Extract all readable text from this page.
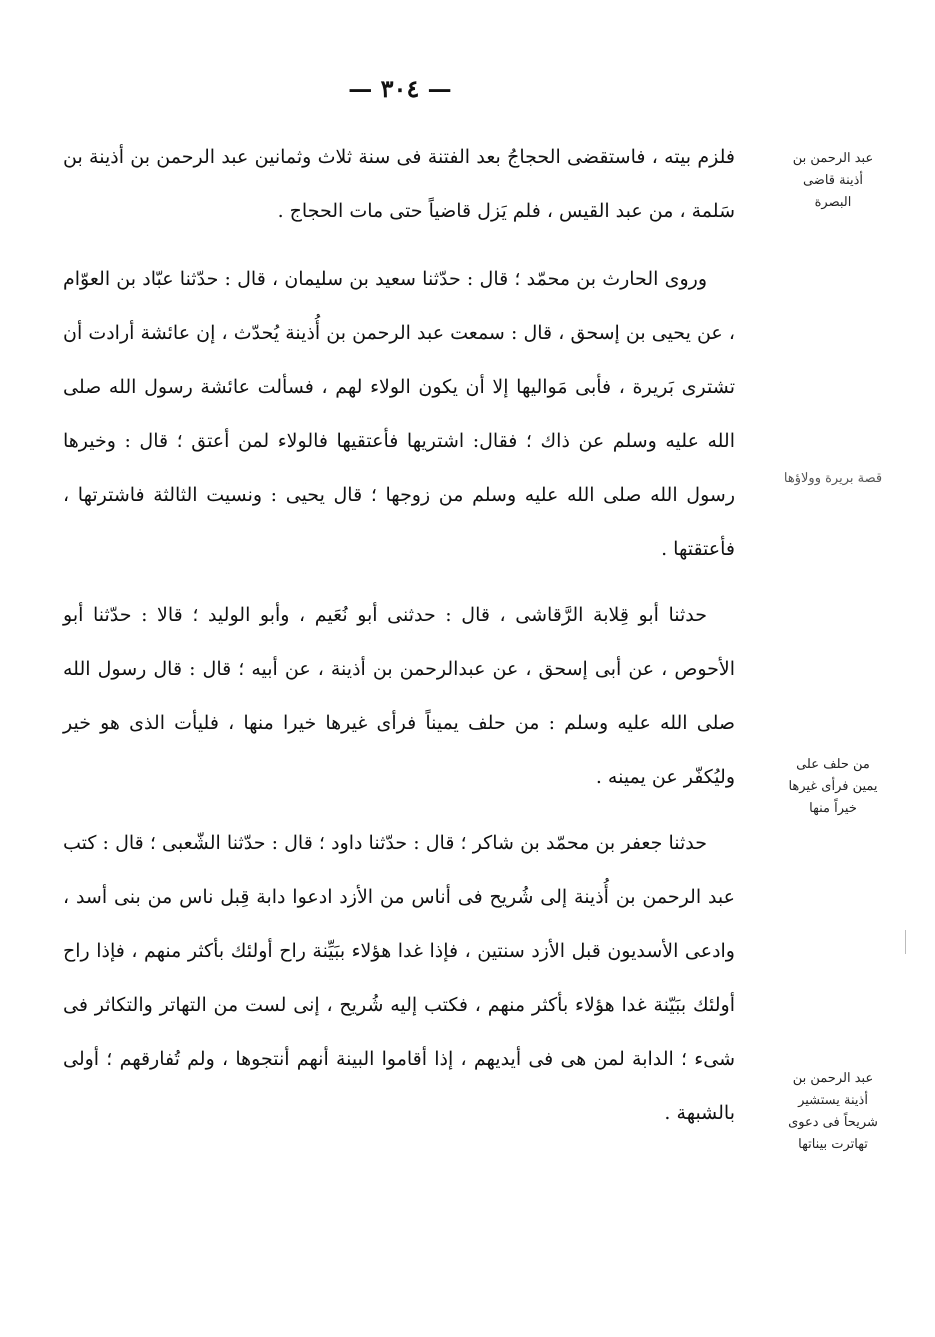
— ٣٠٤ —

فلزم بيته ، فاستقضى الحجاجُ بعد الفتنة فى سنة ثلاث وثمانين عبد الرحمن بن أذينة بن سَلمة ، من عبد القيس ، فلم يَزل قاضياً حتى مات الحجاج .

وروى الحارث بن محمّد ؛ قال : حدّثنا سعيد بن سليمان ، قال : حدّثنا عبّاد بن العوّام ، عن يحيى بن إسحق ، قال : سمعت عبد الرحمن بن أُذينة يُحدّث ، إن عائشة أرادت أن تشترى بَريرة ، فأبى مَواليها إلا أن يكون الولاء لهم ، فسألت عائشة رسول الله صلى الله عليه وسلم عن ذاك ؛ فقال: اشتريها فأعتقيها فالولاء لمن أعتق ؛ قال : وخيرها رسول الله صلى الله عليه وسلم من زوجها ؛ قال يحيى : ونسيت الثالثة فاشترتها ، فأعتقتها .

حدثنا أبو قِلابة الرَّقاشى ، قال : حدثنى أبو نُعَيم ، وأبو الوليد ؛ قالا : حدّثنا أبو الأحوص ، عن أبى إسحق ، عن عبدالرحمن بن أذينة ، عن أبيه ؛ قال : قال رسول الله صلى الله عليه وسلم : من حلف يميناً فرأى غيرها خيرا منها ، فليأت الذى هو خير وليُكفّر عن يمينه .

حدثنا جعفر بن محمّد بن شاكر ؛ قال : حدّثنا داود ؛ قال : حدّثنا الشّعبى ؛ قال : كتب عبد الرحمن بن أُذينة إلى شُريح فى أناس من الأزد ادعوا دابة قِبل ناس من بنى أسد ، وادعى الأسديون قبل الأزد سنتين ، فإذا غدا هؤلاء ببَيِّنة راح أولئك بأكثر منهم ، فإذا راح أولئك ببَيّنة غدا هؤلاء بأكثر منهم ، فكتب إليه شُريح ، إنى لست من التهاتر والتكاثر فى شىء ؛ الدابة لمن هى فى أيديهم ، إذا أقاموا البينة أنهم أنتجوها ، ولم تُفارقهم ؛ أولى بالشبهة .

عبد الرحمن بن أذينة قاضى البصرة
قصة بريرة وولاؤها
من حلف على يمين فرأى غيرها خيراً منها
عبد الرحمن بن أذينة يستشير شريحاً فى دعوى تهاترت بيناتها
